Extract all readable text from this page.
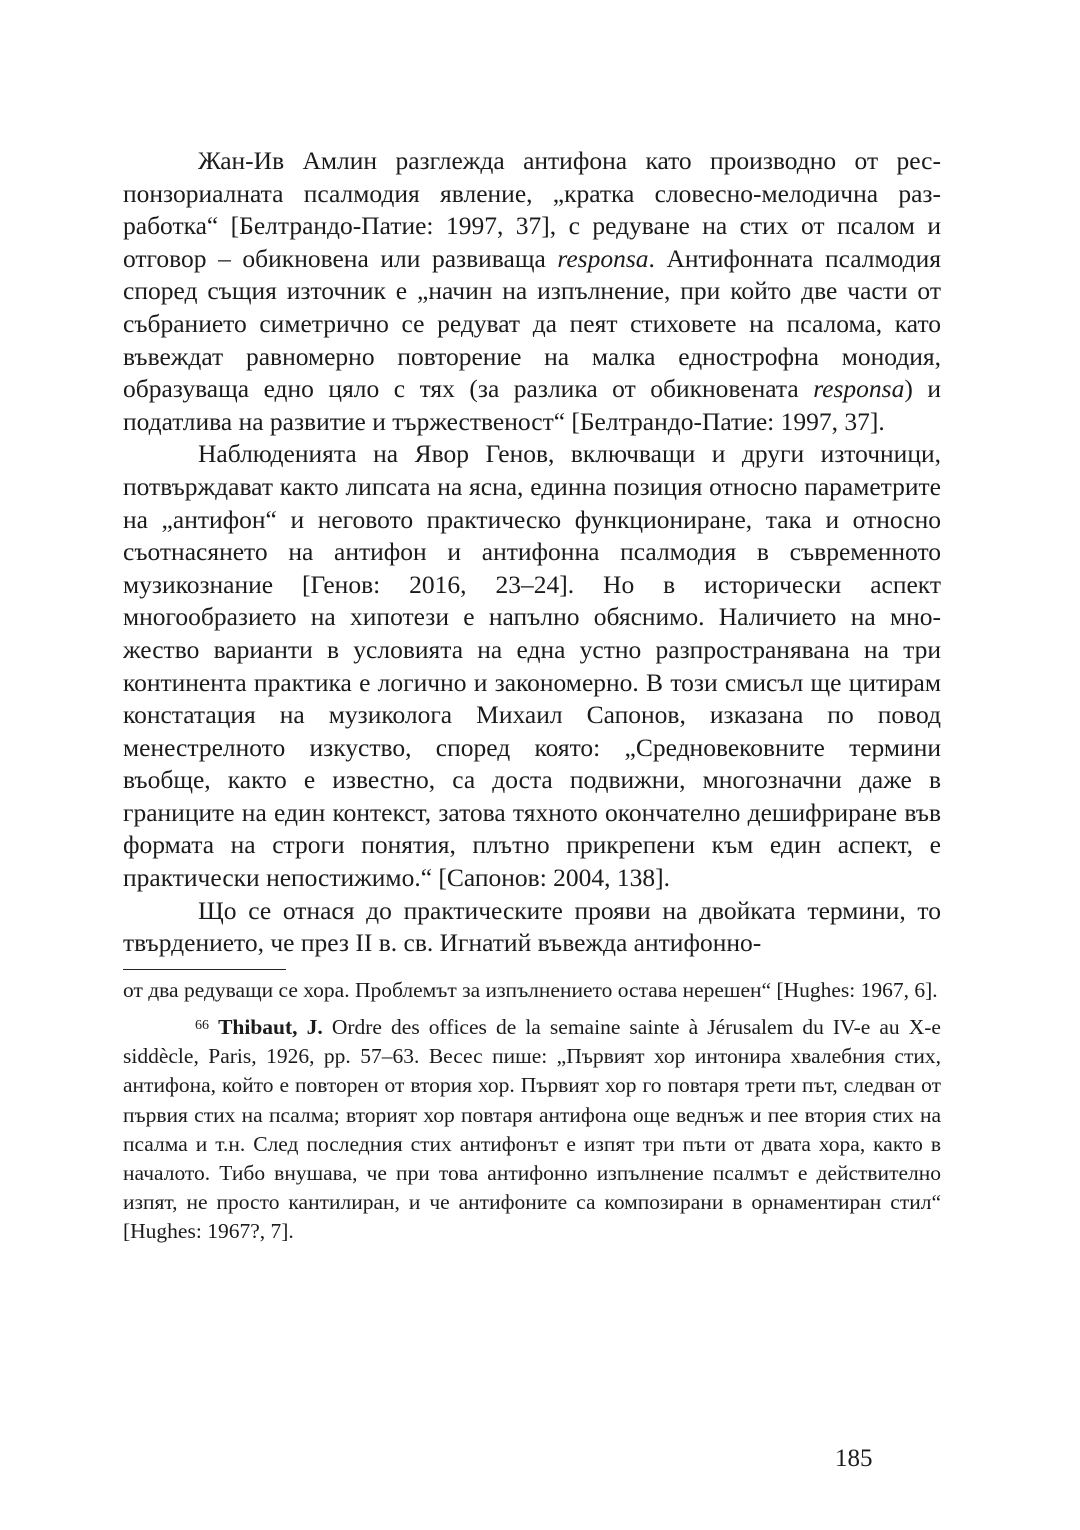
Жан-Ив Амлин разглежда антифона като производно от респонзориалната псалмодия явление, „кратка словесно-мелодична разработка“ [Белтрандо-Патие: 1997, 37], с редуване на стих от псалом и отговор – обикновена или развиваща responsa. Антифонната псалмодия според същия източник е „начин на изпълнение, при който две части от събранието симетрично се редуват да пеят стиховете на псалома, като въвеждат равномерно повторение на малка еднострофна монодия, образуваща едно цяло с тях (за разлика от обикновената responsa) и податлива на развитие и тържественост“ [Белтрандо-Патие: 1997, 37].

Наблюденията на Явор Генов, включващи и други източници, потвърждават както липсата на ясна, единна позиция относно параметрите на „антифон“ и неговото практическо функциониране, така и относно съотнасянето на антифон и антифонна псалмодия в съвременното музикознание [Генов: 2016, 23–24]. Но в исторически аспект многообразието на хипотези е напълно обяснимо. Наличието на множество варианти в условията на една устно разпространявана на три континента практика е логично и закономерно. В този смисъл ще цитирам констатация на музиколога Михаил Сапонов, изказана по повод менестрелното изкуство, според която: „Средновековните термини въобще, както е известно, са доста подвижни, многозначни даже в границите на един контекст, затова тяхното окончателно дешифриране във формата на строги понятия, плътно прикрепени към един аспект, е практически непостижимо.“ [Сапонов: 2004, 138].

Що се отнася до практическите прояви на двойката термини, то твърдението, че през II в. св. Игнатий въвежда антифонно-

от два редуващи се хора. Проблемът за изпълнението остава нерешен“ [Hughes: 1967, 6].

$^{66}$ Thibaut, J. Ordre des offices de la semaine sainte à Jérusalem du IV-e au X-e siddècle, Paris, 1926, pp. 57–63. Весес пише: „Първият хор интонира хвалебния стих, антифона, който е повторен от втория хор. Първият хор го повтаря трети път, следван от първия стих на псалма; вторият хор повтаря антифона още веднъж и пее втория стих на псалма и т.н. След последния стих антифонът е изпят три пъти от двата хора, както в началото. Тибо внушава, че при това антифонно изпълнение псалмът е действително изпят, не просто кантилиран, и че антифоните са композирани в орнаментиран стил“ [Hughes: 1967?, 7].

185
